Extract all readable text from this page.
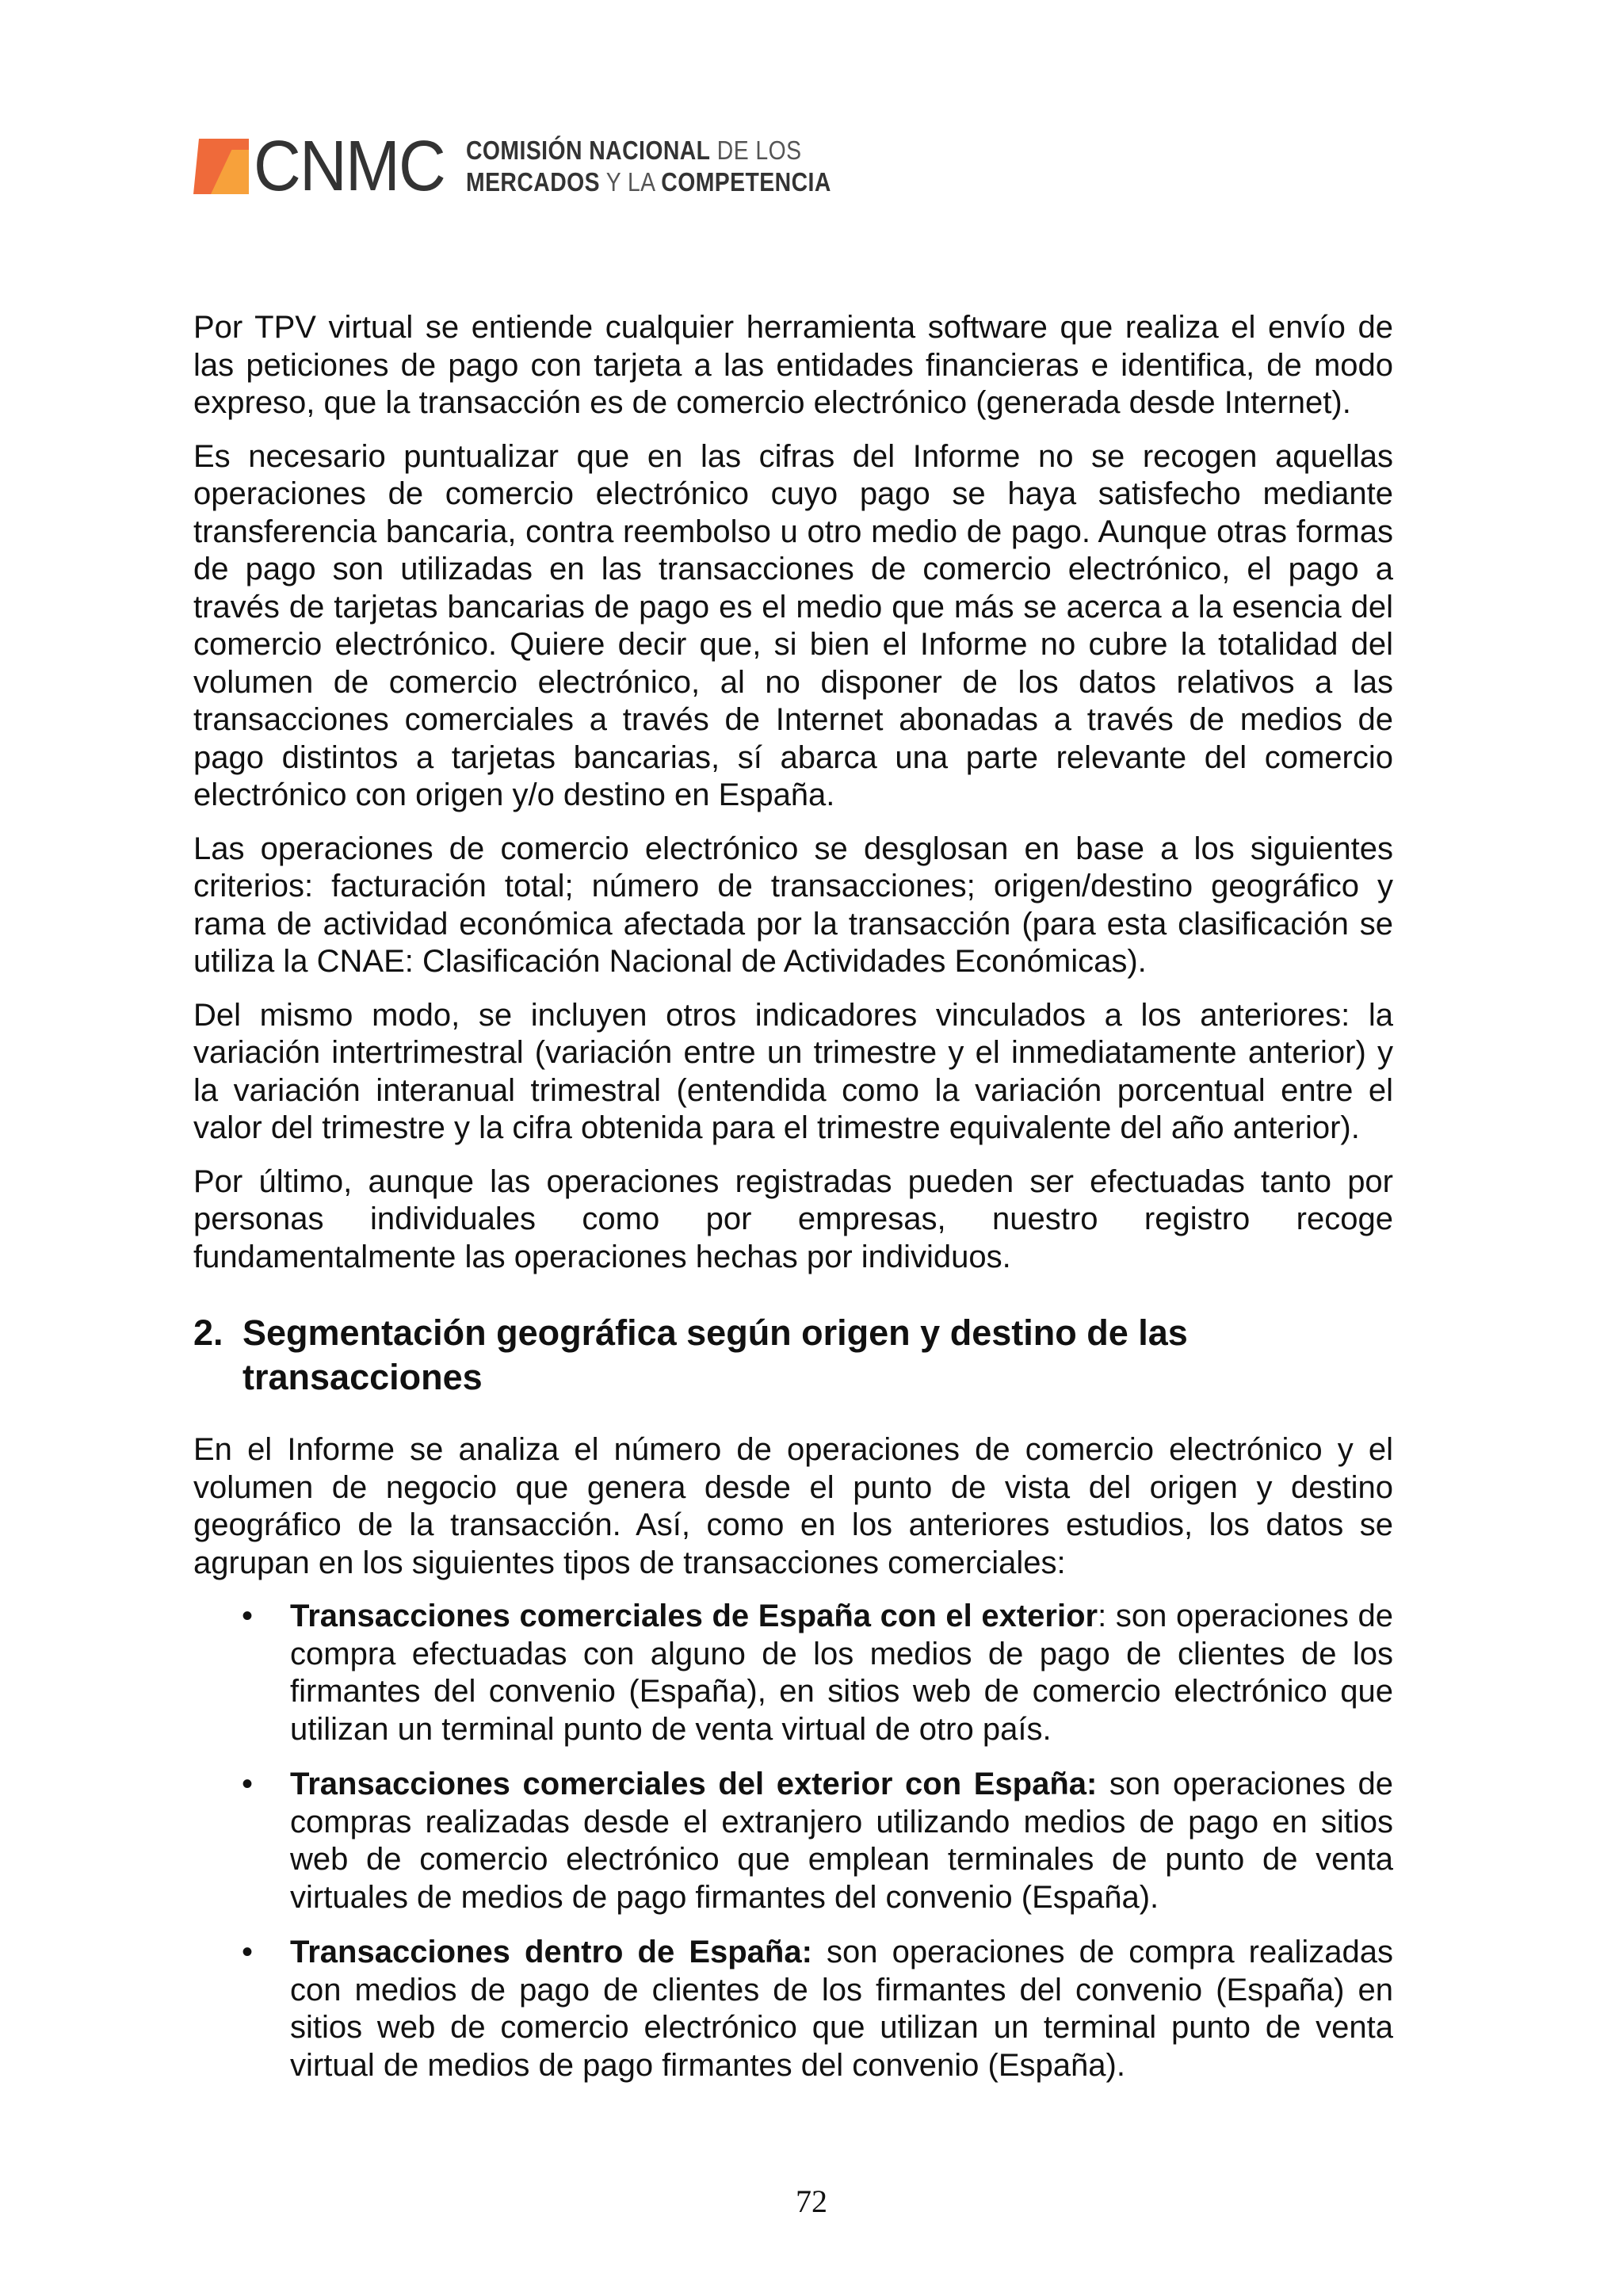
CNMC COMISIÓN NACIONAL DE LOS
MERCADOS Y LA COMPETENCIA

Por TPV virtual se entiende cualquier herramienta software que realiza el envío de las peticiones de pago con tarjeta a las entidades financieras e identifica, de modo expreso, que la transacción es de comercio electrónico (generada desde Internet).

Es necesario puntualizar que en las cifras del Informe no se recogen aquellas operaciones de comercio electrónico cuyo pago se haya satisfecho mediante transferencia bancaria, contra reembolso u otro medio de pago. Aunque otras formas de pago son utilizadas en las transacciones de comercio electrónico, el pago a través de tarjetas bancarias de pago es el medio que más se acerca a la esencia del comercio electrónico. Quiere decir que, si bien el Informe no cubre la totalidad del volumen de comercio electrónico, al no disponer de los datos relativos a las transacciones comerciales a través de Internet abonadas a través de medios de pago distintos a tarjetas bancarias, sí abarca una parte relevante del comercio electrónico con origen y/o destino en España.

Las operaciones de comercio electrónico se desglosan en base a los siguientes criterios: facturación total; número de transacciones; origen/destino geográfico y rama de actividad económica afectada por la transacción (para esta clasificación se utiliza la CNAE: Clasificación Nacional de Actividades Económicas).

Del mismo modo, se incluyen otros indicadores vinculados a los anteriores: la variación intertrimestral (variación entre un trimestre y el inmediatamente anterior) y la variación interanual trimestral (entendida como la variación porcentual entre el valor del trimestre y la cifra obtenida para el trimestre equivalente del año anterior).

Por último, aunque las operaciones registradas pueden ser efectuadas tanto por personas individuales como por empresas, nuestro registro recoge fundamentalmente las operaciones hechas por individuos.

2. Segmentación geográfica según origen y destino de las transacciones

En el Informe se analiza el número de operaciones de comercio electrónico y el volumen de negocio que genera desde el punto de vista del origen y destino geográfico de la transacción. Así, como en los anteriores estudios, los datos se agrupan en los siguientes tipos de transacciones comerciales:

• Transacciones comerciales de España con el exterior: son operaciones de compra efectuadas con alguno de los medios de pago de clientes de los firmantes del convenio (España), en sitios web de comercio electrónico que utilizan un terminal punto de venta virtual de otro país.
• Transacciones comerciales del exterior con España: son operaciones de compras realizadas desde el extranjero utilizando medios de pago en sitios web de comercio electrónico que emplean terminales de punto de venta virtuales de medios de pago firmantes del convenio (España).
• Transacciones dentro de España: son operaciones de compra realizadas con medios de pago de clientes de los firmantes del convenio (España) en sitios web de comercio electrónico que utilizan un terminal punto de venta virtual de medios de pago firmantes del convenio (España).
72
